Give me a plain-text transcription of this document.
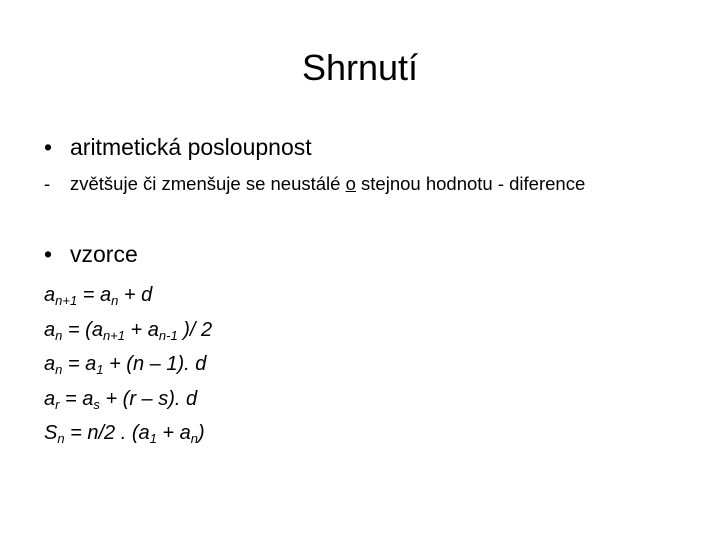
Shrnutí
• aritmetická posloupnost
- zvětšuje či zmenšuje se neustálé o stejnou hodnotu - diference
• vzorce
$a_{n+1} = a_n + d$
$a_n = (a_{n+1} + a_{n-1}$ )/ 2
$a_n = a_1 + (n - 1)$. d
$a_r = a_s + (r - s)$. d
$S_n = n/2$ . $(a_1 + a_n)$
